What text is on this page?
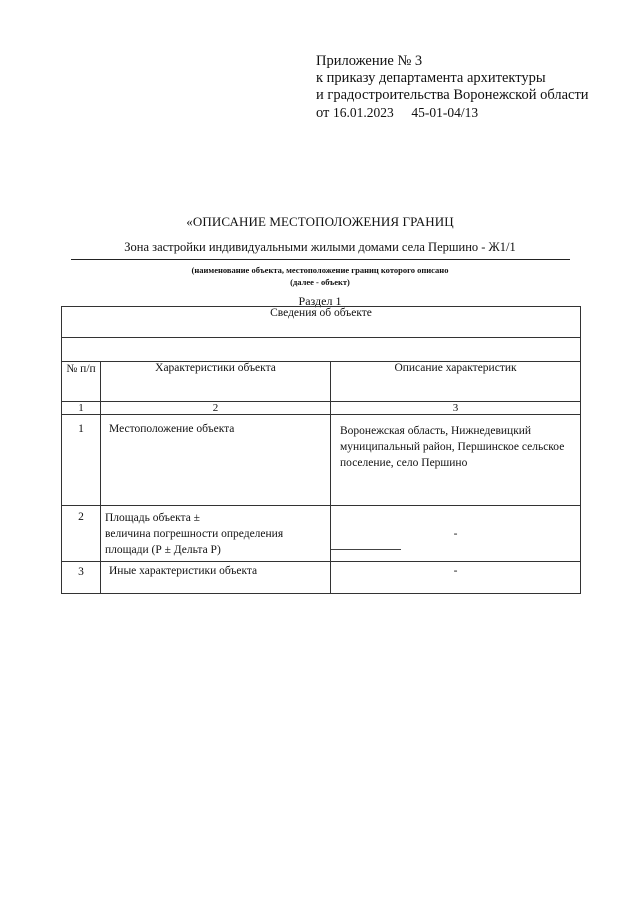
Приложение № 3
к приказу департамента архитектуры
и градостроительства Воронежской области
от 16.01.2023 45-01-04/13
«ОПИСАНИЕ МЕСТОПОЛОЖЕНИЯ ГРАНИЦ
Зона застройки индивидуальными жилыми домами села Першино - Ж1/1
(наименование объекта, местоположение границ которого описано
(далее - объект)
Раздел 1
Сведения об объекте		

№ п/п	Характеристики объекта	Описание характеристик
1	2	3
1	Местоположение объекта	Воронежская область, Нижнедевицкий муниципальный район, Першинское сельское поселение, село Першино
2	Площадь объекта ±
величина погрешности определения
площади (Р ± Дельта Р)	-
3	Иные характеристики объекта	-
